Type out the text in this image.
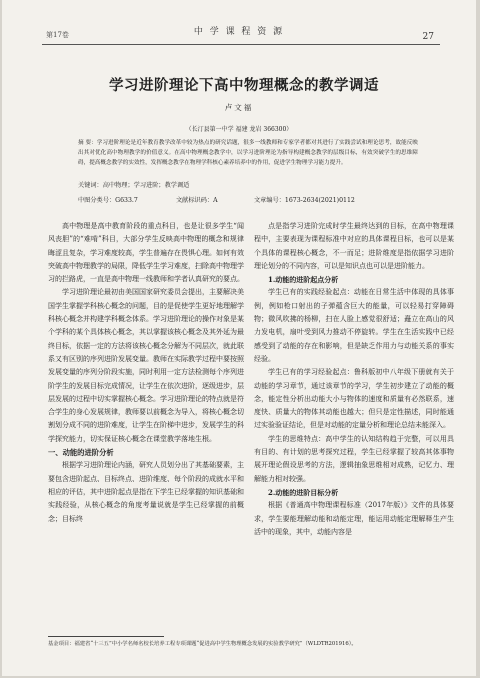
第17卷	中 学 课 程 资 源	27
学习进阶理论下高中物理概念的教学调适
卢文福
（长汀县第一中学 福建 龙岩 366300）
摘 要：学习进阶理论是近年教育教学改革中较为热点的研究话题，很多一线教师和专家学者都对其进行了实践尝试和理论思考，故能反映出其对优化高中物理教学的价值意义。在高中物理概念教学中，以学习进阶理论为指导构建概念教学的层级目标，有效突破学生的思维障碍，提高概念教学的实效性，发挥概念教学在物理学科核心素养培养中的作用，促进学生物理学习能力提升。
关键词：高中物理；学习进阶；教学调适
中图分类号：G633.7	文献标识码：A	文章编号：1673-2634(2021)0112

高中物理是高中教育阶段的重点科目，也是让很多学生“闻风丧胆”的“难啃”科目，大部分学生反映高中物理的概念和规律晦涩且复杂，学习难度较高，学生普遍存在畏惧心理。如何有效突破高中物理教学的局限，降低学生学习难度，扫除高中物理学习的拦路虎，一直是高中物理一线教师和学者认真研究的要点。

学习进阶理论最初由美国国家研究委员会提出，主要解决美国学生掌握学科核心概念的问题，目的是促使学生更好地理解学科核心概念并构建学科概念体系。学习进阶理论的操作对象是某个学科的某个具体核心概念，其以掌握该核心概念及其外延为最终目标，依据一定的方法将该核心概念分解为不同层次，就此联系又有区别的序列进阶发展变量。教师在实际教学过程中要按照发展变量的序列分阶段实施，同时利用一定方法检测每个序列进阶学生的发展目标完成情况，让学生在依次进阶，逐级进步，层层发展的过程中切实掌握核心概念。学习进阶理论的特点就是符合学生的身心发展规律，教师要以前概念为导入，将核心概念切割划分成不同的进阶难度，让学生在阶梯中进步，发展学生的科学探究能力，切实保证核心概念在课堂教学落地生根。

一、动能的进阶分析

根据学习进阶理论内涵，研究人员划分出了其基础要素，主要包含进阶起点、目标终点、进阶维度、每个阶段的成就水平和相应的评估，其中进阶起点是指在下学生已经掌握的知识基础和实践经验，从核心概念的角度考量说就是学生已经掌握的前概念；目标终

点是指学习进阶完成时学生最终达到的目标，在高中物理课程中，主要表现为课程标准中对应的具体课程目标，也可以是某个具体的课程核心概念，不一而足；进阶维度是指依据学习进阶理论划分的不同内容，可以是知识点也可以是进阶能力。

1.动能的进阶起点分析

学生已有的实践经验起点：动能在日常生活中体现的具体事例，例如枪口射出的子弹蕴含巨大的能量，可以轻易打穿障碍物；微风吹拂的杨柳，扫在人脸上感觉很舒适；矗立在高山的风力发电机，扇叶受到风力推动不停旋转。学生在生活实践中已经感受到了动能的存在和影响，但是缺乏作用力与动能关系的事实经验。

学生已有的学习经验起点：鲁科版初中八年级下册就有关于动能的学习章节，通过该章节的学习，学生初步建立了动能的概念，能定性分析出动能大小与物体的速度和质量有必然联系，速度快、质量大的物体其动能也越大；但只是定性描述，同时能通过实验验证结论，但是对动能的定量分析和理论总结未能深入。

学生的思维特点：高中学生的认知结构趋于完整，可以用具有目的、有计划的思考探究过程，学生已经掌握了较高其体事物展开理论假设思考的方法，逻辑抽象思维相对成熟，记忆力、理解能力相对较强。

2.动能的进阶目标分析

根据《普通高中物理课程标准（2017年版）》文件的具体要求，学生要能理解动能和动能定理，能运用动能定理解释生产生活中的现象，其中，动能内容是

基金项目：福建省“十三五”中小学名师名校长培养工程专项课题“促进高中学生物理概念发展的实验教学研究”（WLDTR201916）。
